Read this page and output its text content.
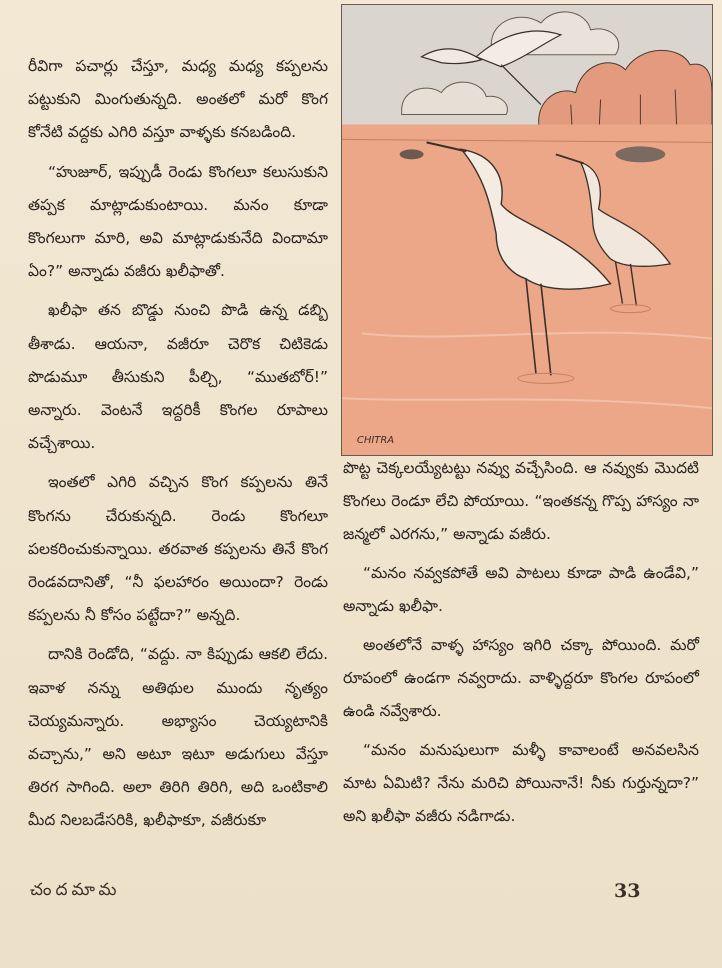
రీవిగా పచార్లు చేస్తూ, మధ్య మధ్య కప్పలను పట్టుకుని మింగుతున్నది. అంతలో మరో కొంగ కోనేటి వద్దకు ఎగిరి వస్తూ వాళ్ళకు కనబడింది.

“హుజూర్, ఇప్పుడీ రెండు కొంగలూ కలుసుకుని తప్పక మాట్లాడుకుంటాయి. మనం కూడా కొంగలుగా మారి, అవి మాట్లాడుకునేది విందామా ఏం?” అన్నాడు వజీరు ఖలీఫాతో.

ఖలీఫా తన బొడ్డు నుంచి పొడి ఉన్న డబ్బి తీశాడు. ఆయనా, వజీరూ చెరొక చిటికెడు పొడుమూ తీసుకుని పీల్చి, “ముతబోర్!” అన్నారు. వెంటనే ఇద్దరికీ కొంగల రూపాలు వచ్చేశాయి.

ఇంతలో ఎగిరి వచ్చిన కొంగ కప్పలను తినే కొంగను చేరుకున్నది. రెండు కొంగలూ పలకరించుకున్నాయి. తరవాత కప్పలను తినే కొంగ రెండవదానితో, “నీ ఫలహారం అయిందా? రెండు కప్పలను నీ కోసం పట్టేదా?” అన్నది.

దానికి రెండోది, “వద్దు. నా కిప్పుడు ఆకలి లేదు. ఇవాళ నన్ను అతిథుల ముందు నృత్యం చెయ్యమన్నారు. అభ్యాసం చెయ్యటానికి వచ్చాను,” అని అటూ ఇటూ అడుగులు వేస్తూ తిరగ సాగింది. అలా తిరిగి తిరిగి, అది ఒంటికాలి మీద నిలబడేసరికి, ఖలీఫాకూ, వజీరుకూ

CHITRA

పొట్ట చెక్కలయ్యేటట్టు నవ్వు వచ్చేసింది. ఆ నవ్వుకు మొదటి కొంగలు రెండూ లేచి పోయాయి. “ఇంతకన్న గొప్ప హాస్యం నా జన్మలో ఎరగను,” అన్నాడు వజీరు.

“మనం నవ్వకపోతే అవి పాటలు కూడా పాడి ఉండేవి,” అన్నాడు ఖలీఫా.

అంతలోనే వాళ్ళ హాస్యం ఇగిరి చక్కా పోయింది. మరో రూపంలో ఉండగా నవ్వరాదు. వాళ్ళిద్దరూ కొంగల రూపంలో ఉండి నవ్వేశారు.

“మనం మనుషులుగా మళ్ళీ కావాలంటే అనవలసిన మాట ఏమిటి? నేను మరిచి పోయినానే! నీకు గుర్తున్నదా?” అని ఖలీఫా వజీరు నడిగాడు.

చందమామ	33
